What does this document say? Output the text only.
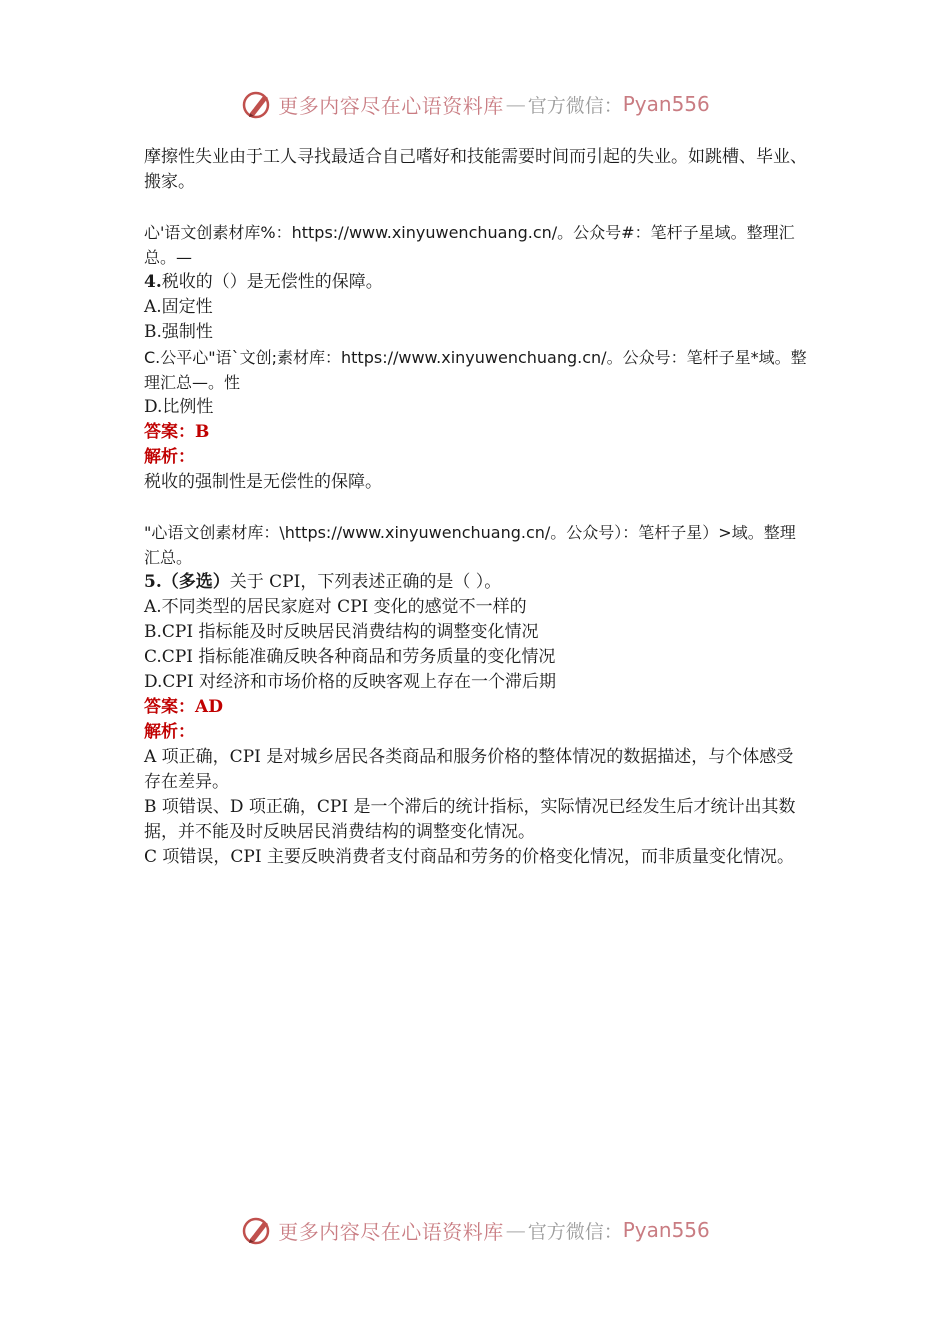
更多内容尽在心语资料库 — 官方微信： Pyan556

摩擦性失业由于工人寻找最适合自己嗜好和技能需要时间而引起的失业。如跳槽、毕业、搬家。

心'语文创素材库%：https://www.xinyuwenchuang.cn/。公众号#：笔杆子星域。整理汇总。—

4.税收的（）是无偿性的保障。

A.固定性

B.强制性

C.公平心"语`文创;素材库：https://www.xinyuwenchuang.cn/。公众号：笔杆子星*域。整理汇总—。性

D.比例性

答案：B

解析：

税收的强制性是无偿性的保障。

"心语文创素材库：\https://www.xinyuwenchuang.cn/。公众号）：笔杆子星）>域。整理汇总。

5.（多选）关于 CPI，下列表述正确的是（ ）。

A.不同类型的居民家庭对 CPI 变化的感觉不一样的

B.CPI 指标能及时反映居民消费结构的调整变化情况

C.CPI 指标能准确反映各种商品和劳务质量的变化情况

D.CPI 对经济和市场价格的反映客观上存在一个滞后期

答案：AD

解析：

A 项正确，CPI 是对城乡居民各类商品和服务价格的整体情况的数据描述，与个体感受存在差异。

B 项错误、D 项正确，CPI 是一个滞后的统计指标，实际情况已经发生后才统计出其数据，并不能及时反映居民消费结构的调整变化情况。

C 项错误，CPI 主要反映消费者支付商品和劳务的价格变化情况，而非质量变化情况。

更多内容尽在心语资料库 — 官方微信： Pyan556
